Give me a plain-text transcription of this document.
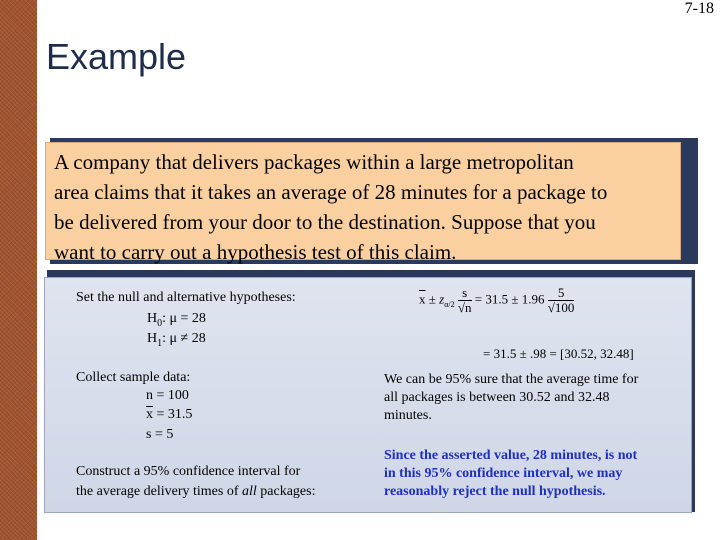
7-18
Example
A company that delivers packages within a large metropolitan
area claims that it takes an average of 28 minutes for a package to
be delivered from your door to the destination. Suppose that you
want to carry out a hypothesis test of this claim.
Set the null and alternative hypotheses:
$H_0$: μ = 28
$H_1$: μ ≠ 28
Collect sample data:
n = 100
$\overline{x} = 31.5$
s = 5
Construct a 95% confidence interval for
the average delivery times of all packages:
$\overline{x} \pm z_{\alpha/2} \frac{s}{√n} = 31.5 \pm 1.96 \frac{5}{√100}$
= 31.5 ± .98 = [30.52, 32.48]
We can be 95% sure that the average time for
all packages is between 30.52 and 32.48
minutes.
Since the asserted value, 28 minutes, is not
in this 95% confidence interval, we may
reasonably reject the null hypothesis.
